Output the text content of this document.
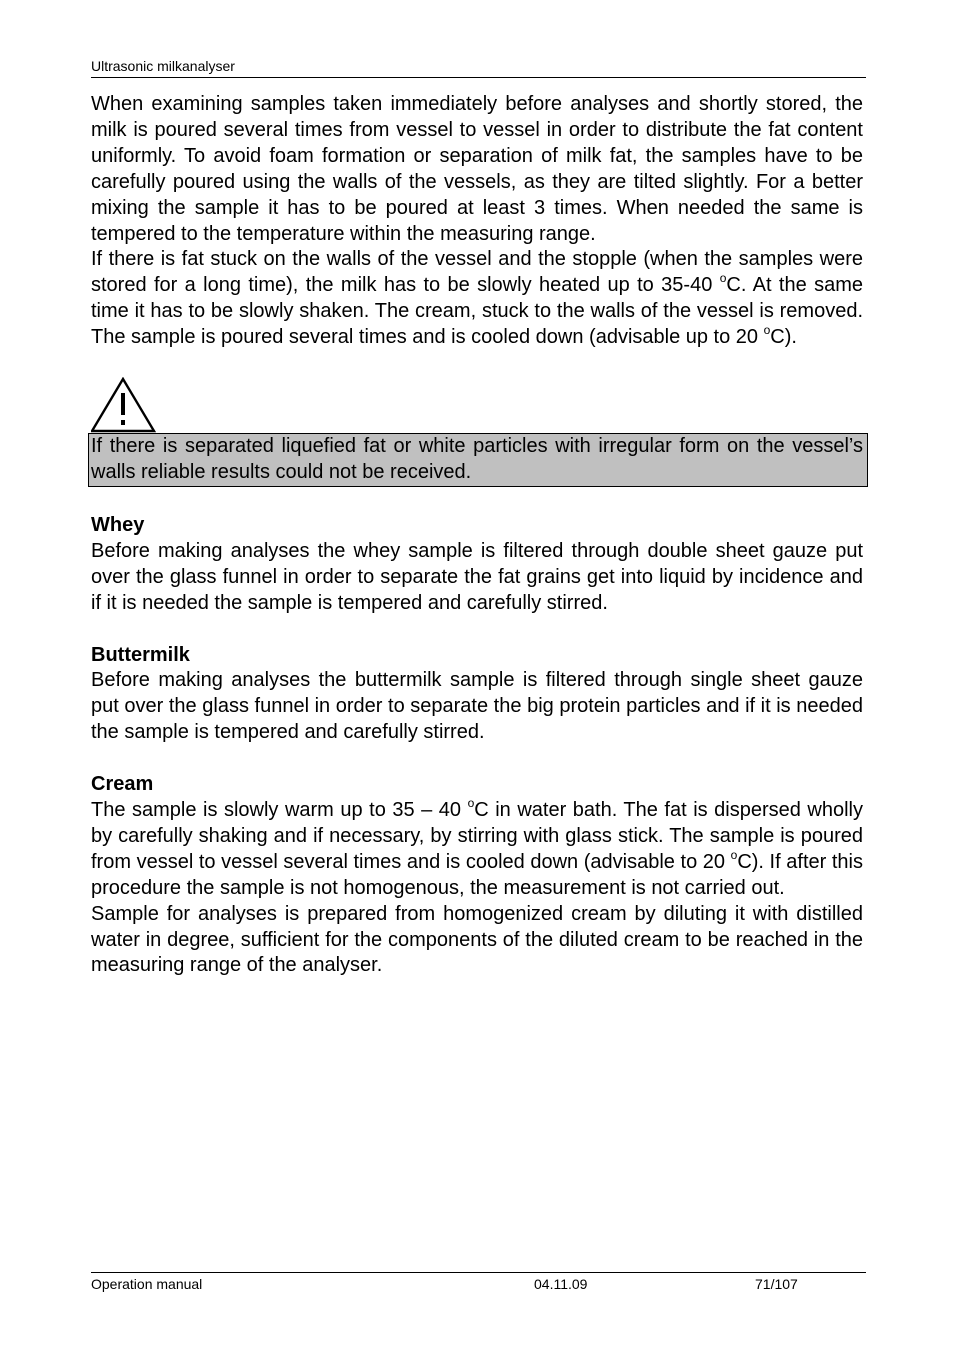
Ultrasonic milkanalyser

When examining samples taken immediately before analyses and shortly stored, the milk is poured several times from vessel to vessel in order to distribute the fat content uniformly. To avoid foam formation or separation of milk fat, the samples have to be carefully poured using the walls of the vessels, as they are tilted slightly. For a better mixing the sample it has to be poured at least 3 times. When needed the same is tempered to the temperature within the measuring range.

If there is fat stuck on the walls of the vessel and the stopple (when the samples were stored for a long time), the milk has to be slowly heated up to 35-40 $^o$C. At the same time it has to be slowly shaken. The cream, stuck to the walls of the vessel is removed. The sample is poured several times and is cooled down (advisable up to 20 $^o$C).

If there is separated liquefied fat or white particles with irregular form on the vessel’s walls reliable results could not be received.
Whey

Before making analyses the whey sample is filtered through double sheet gauze put over the glass funnel in order to separate the fat grains get into liquid by incidence and if it is needed the sample is tempered and carefully stirred.

Buttermilk

Before making analyses the buttermilk sample is filtered through single sheet gauze put over the glass funnel in order to separate the big protein particles and if it is needed the sample is tempered and carefully stirred.

Cream

The sample is slowly warm up to 35 – 40 $^o$C in water bath. The fat is dispersed wholly by carefully shaking and if necessary, by stirring with glass stick. The sample is poured from vessel to vessel several times and is cooled down (advisable to 20 $^o$C). If after this procedure the sample is not homogenous, the measurement is not carried out.

Sample for analyses is prepared from homogenized cream by diluting it with distilled water in degree, sufficient for the components of the diluted cream to be reached in the measuring range of the analyser.

Operation manual	04.11.09	71/107
